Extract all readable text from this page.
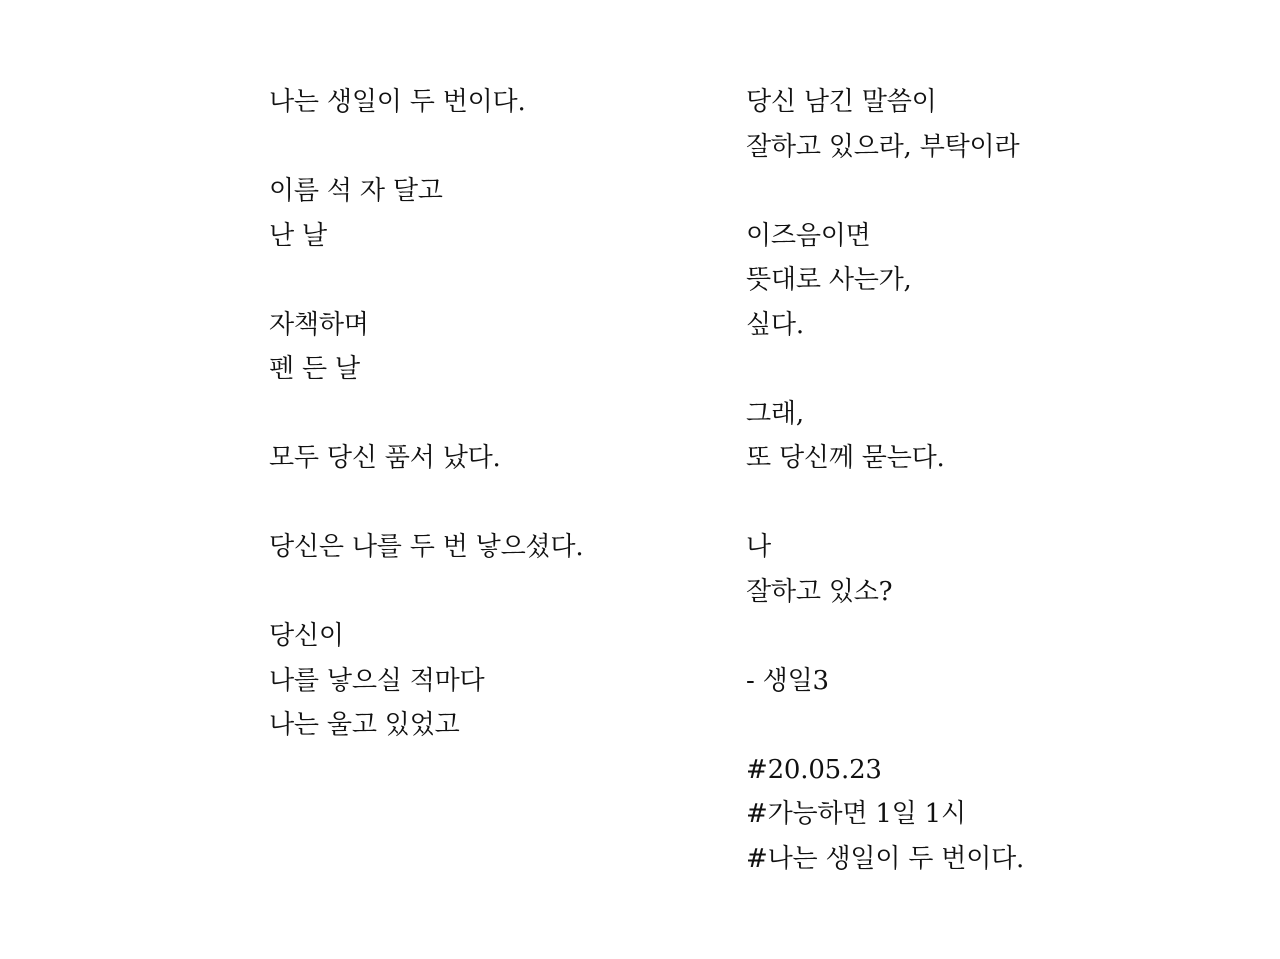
나는 생일이 두 번이다.
이름 석 자 달고
난 날
자책하며
펜 든 날
모두 당신 품서 났다.
당신은 나를 두 번 낳으셨다.
당신이
나를 낳으실 적마다
나는 울고 있었고
당신 남긴 말씀이
잘하고 있으라, 부탁이라
이즈음이면
뜻대로 사는가,
싶다.
그래,
또 당신께 묻는다.
나
잘하고 있소?
- 생일3
#20.05.23
#가능하면 1일 1시
#나는 생일이 두 번이다.
